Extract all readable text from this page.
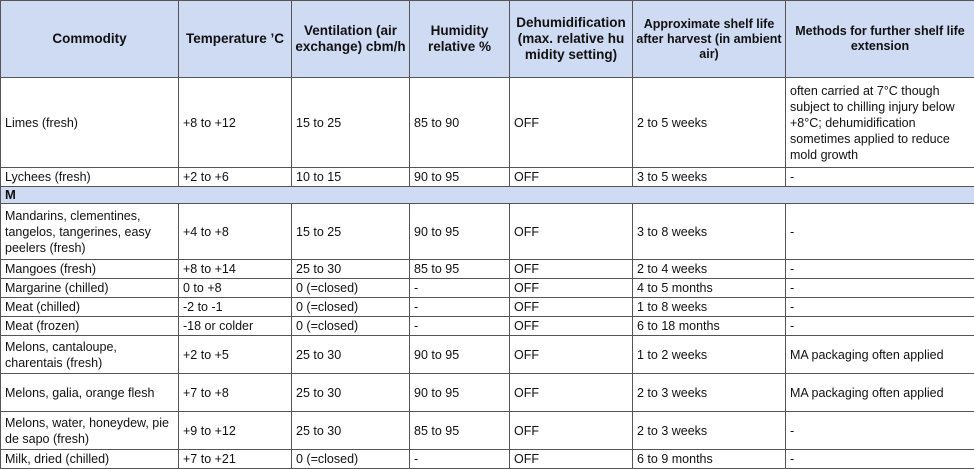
Commodity	Temperature ’C	Ventilation (air exchange) cbm/h	Humidity relative %	Dehumidification (max. relative humidity setting)	Approximate shelf life after harvest (in ambient air)	Methods for further shelf life extension
Limes (fresh)	+8 to +12	15 to 25	85 to 90	OFF	2 to 5 weeks	often carried at 7°C though subject to chilling injury below +8°C; dehumidification sometimes applied to reduce mold growth
Lychees (fresh)	+2 to +6	10 to 15	90 to 95	OFF	3 to 5 weeks	-
M						
Mandarins, clementines, tangelos, tangerines, easy peelers (fresh)	+4 to +8	15 to 25	90 to 95	OFF	3 to 8 weeks	-
Mangoes (fresh)	+8 to +14	25 to 30	85 to 95	OFF	2 to 4 weeks	-
Margarine (chilled)	0 to +8	0 (=closed)	-	OFF	4 to 5 months	-
Meat (chilled)	-2 to -1	0 (=closed)	-	OFF	1 to 8 weeks	-
Meat (frozen)	-18 or colder	0 (=closed)	-	OFF	6 to 18 months	-
Melons, cantaloupe, charentais (fresh)	+2 to +5	25 to 30	90 to 95	OFF	1 to 2 weeks	MA packaging often applied
Melons, galia, orange flesh	+7 to +8	25 to 30	90 to 95	OFF	2 to 3 weeks	MA packaging often applied
Melons, water, honeydew, pie de sapo (fresh)	+9 to +12	25 to 30	85 to 95	OFF	2 to 3 weeks	-
Milk, dried (chilled)	+7 to +21	0 (=closed)	-	OFF	6 to 9 months	-
